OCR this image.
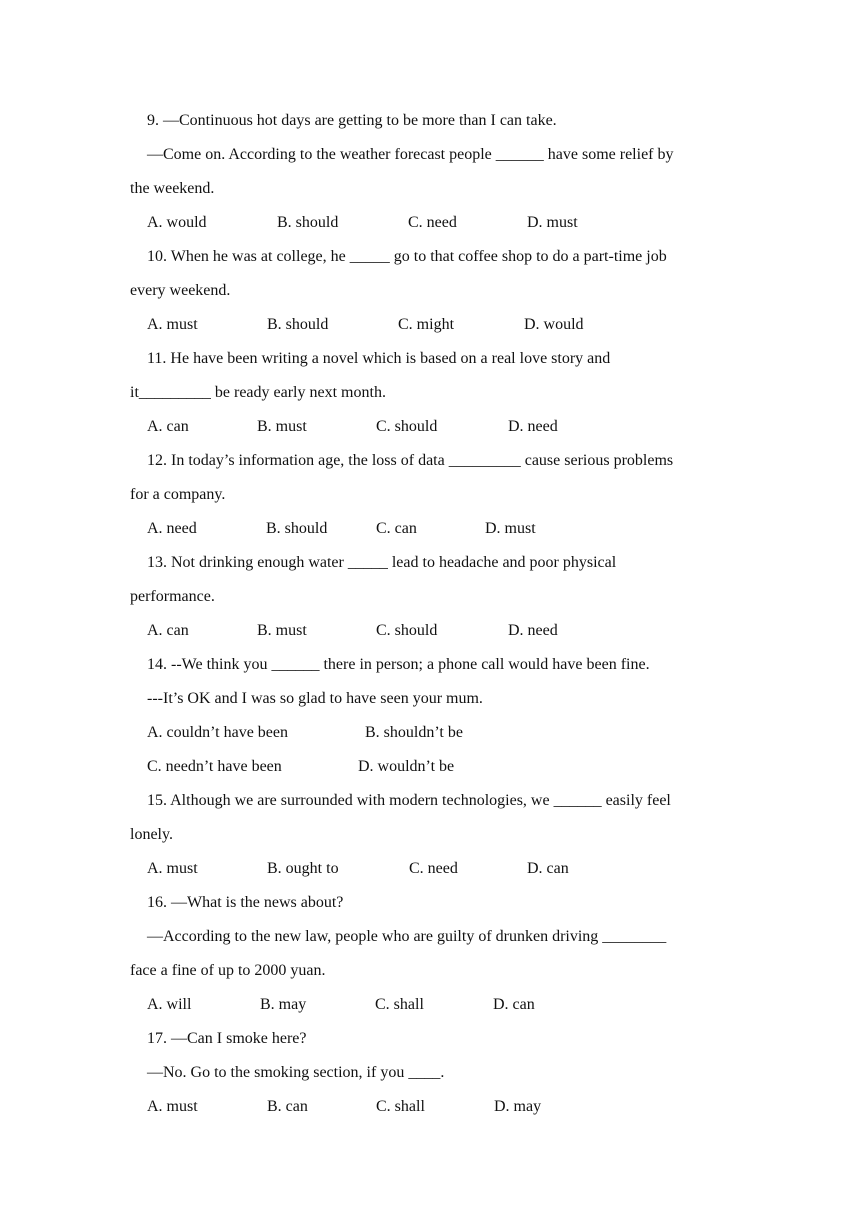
9. —Continuous hot days are getting to be more than I can take.
—Come on. According to the weather forecast people ______ have some relief by
the weekend.
A. would	B. should	C. need	D. must
10. When he was at college, he _____ go to that coffee shop to do a part-time job
every weekend.
A. must	B. should	C. might	D. would
11. He have been writing a novel which is based on a real love story and
it_________ be ready early next month.
A. can	B. must	C. should	D. need
12. In today’s information age, the loss of data _________ cause serious problems
for a company.
A. need	B. should	C. can	D. must
13. Not drinking enough water _____ lead to headache and poor physical
performance.
A. can	B. must	C. should	D. need
14. --We think you ______ there in person; a phone call would have been fine.
---It’s OK and I was so glad to have seen your mum.
A. couldn’t have been	B. shouldn’t be
C. needn’t have been	D. wouldn’t be
15. Although we are surrounded with modern technologies, we ______ easily feel
lonely.
A. must	B. ought to	C. need	D. can
16. —What is the news about?
—According to the new law, people who are guilty of drunken driving ________
face a fine of up to 2000 yuan.
A. will	B. may	C. shall	D. can
17. —Can I smoke here?
—No. Go to the smoking section, if you ____.
A. must	B. can	C. shall	D. may
